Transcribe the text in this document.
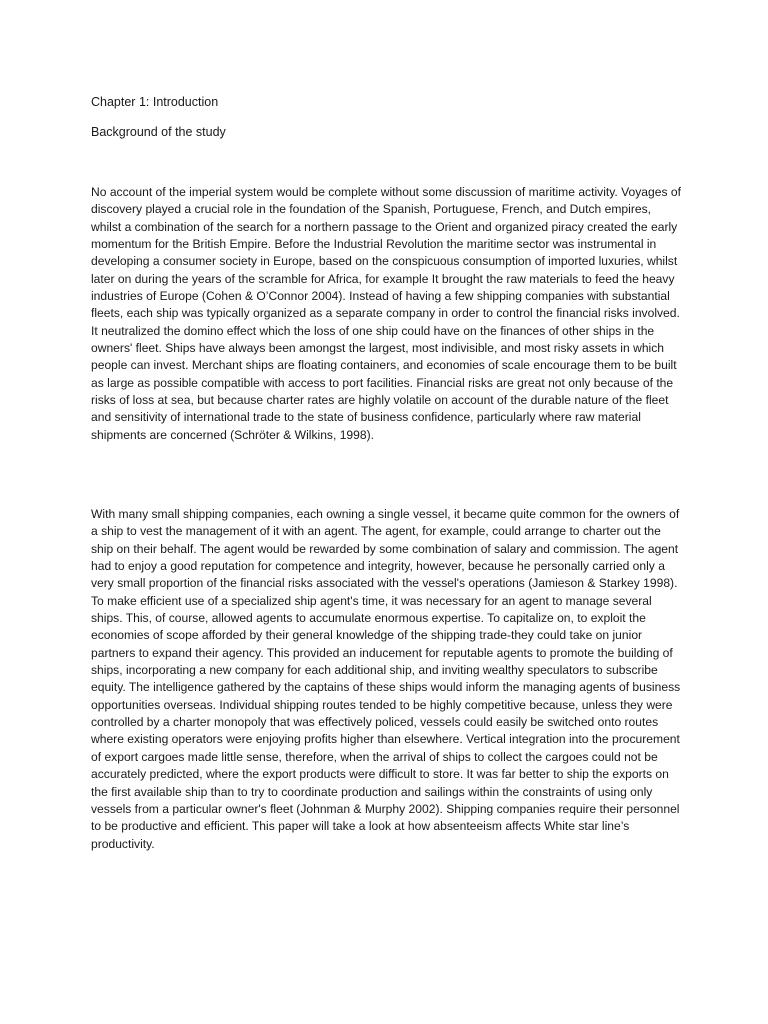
Chapter 1: Introduction
Background of the study

No account of the imperial system would be complete without some discussion of maritime activity. Voyages of discovery played a crucial role in the foundation of the Spanish, Portuguese, French, and Dutch empires, whilst a combination of the search for a northern passage to the Orient and organized piracy created the early momentum for the British Empire. Before the Industrial Revolution the maritime sector was instrumental in developing a consumer society in Europe, based on the conspicuous consumption of imported luxuries, whilst later on during the years of the scramble for Africa, for example It brought the raw materials to feed the heavy industries of Europe (Cohen & O’Connor 2004). Instead of having a few shipping companies with substantial fleets, each ship was typically organized as a separate company in order to control the financial risks involved. It neutralized the domino effect which the loss of one ship could have on the finances of other ships in the owners' fleet. Ships have always been amongst the largest, most indivisible, and most risky assets in which people can invest. Merchant ships are floating containers, and economies of scale encourage them to be built as large as possible compatible with access to port facilities. Financial risks are great not only because of the risks of loss at sea, but because charter rates are highly volatile on account of the durable nature of the fleet and sensitivity of international trade to the state of business confidence, particularly where raw material shipments are concerned (Schröter & Wilkins, 1998).

With many small shipping companies, each owning a single vessel, it became quite common for the owners of a ship to vest the management of it with an agent. The agent, for example, could arrange to charter out the ship on their behalf. The agent would be rewarded by some combination of salary and commission. The agent had to enjoy a good reputation for competence and integrity, however, because he personally carried only a very small proportion of the financial risks associated with the vessel's operations (Jamieson & Starkey 1998). To make efficient use of a specialized ship agent's time, it was necessary for an agent to manage several ships. This, of course, allowed agents to accumulate enormous expertise. To capitalize on, to exploit the economies of scope afforded by their general knowledge of the shipping trade-they could take on junior partners to expand their agency. This provided an inducement for reputable agents to promote the building of ships, incorporating a new company for each additional ship, and inviting wealthy speculators to subscribe equity. The intelligence gathered by the captains of these ships would inform the managing agents of business opportunities overseas. Individual shipping routes tended to be highly competitive because, unless they were controlled by a charter monopoly that was effectively policed, vessels could easily be switched onto routes where existing operators were enjoying profits higher than elsewhere. Vertical integration into the procurement of export cargoes made little sense, therefore, when the arrival of ships to collect the cargoes could not be accurately predicted, where the export products were difficult to store. It was far better to ship the exports on the first available ship than to try to coordinate production and sailings within the constraints of using only vessels from a particular owner's fleet (Johnman & Murphy 2002). Shipping companies require their personnel to be productive and efficient. This paper will take a look at how absenteeism affects White star line’s productivity.
